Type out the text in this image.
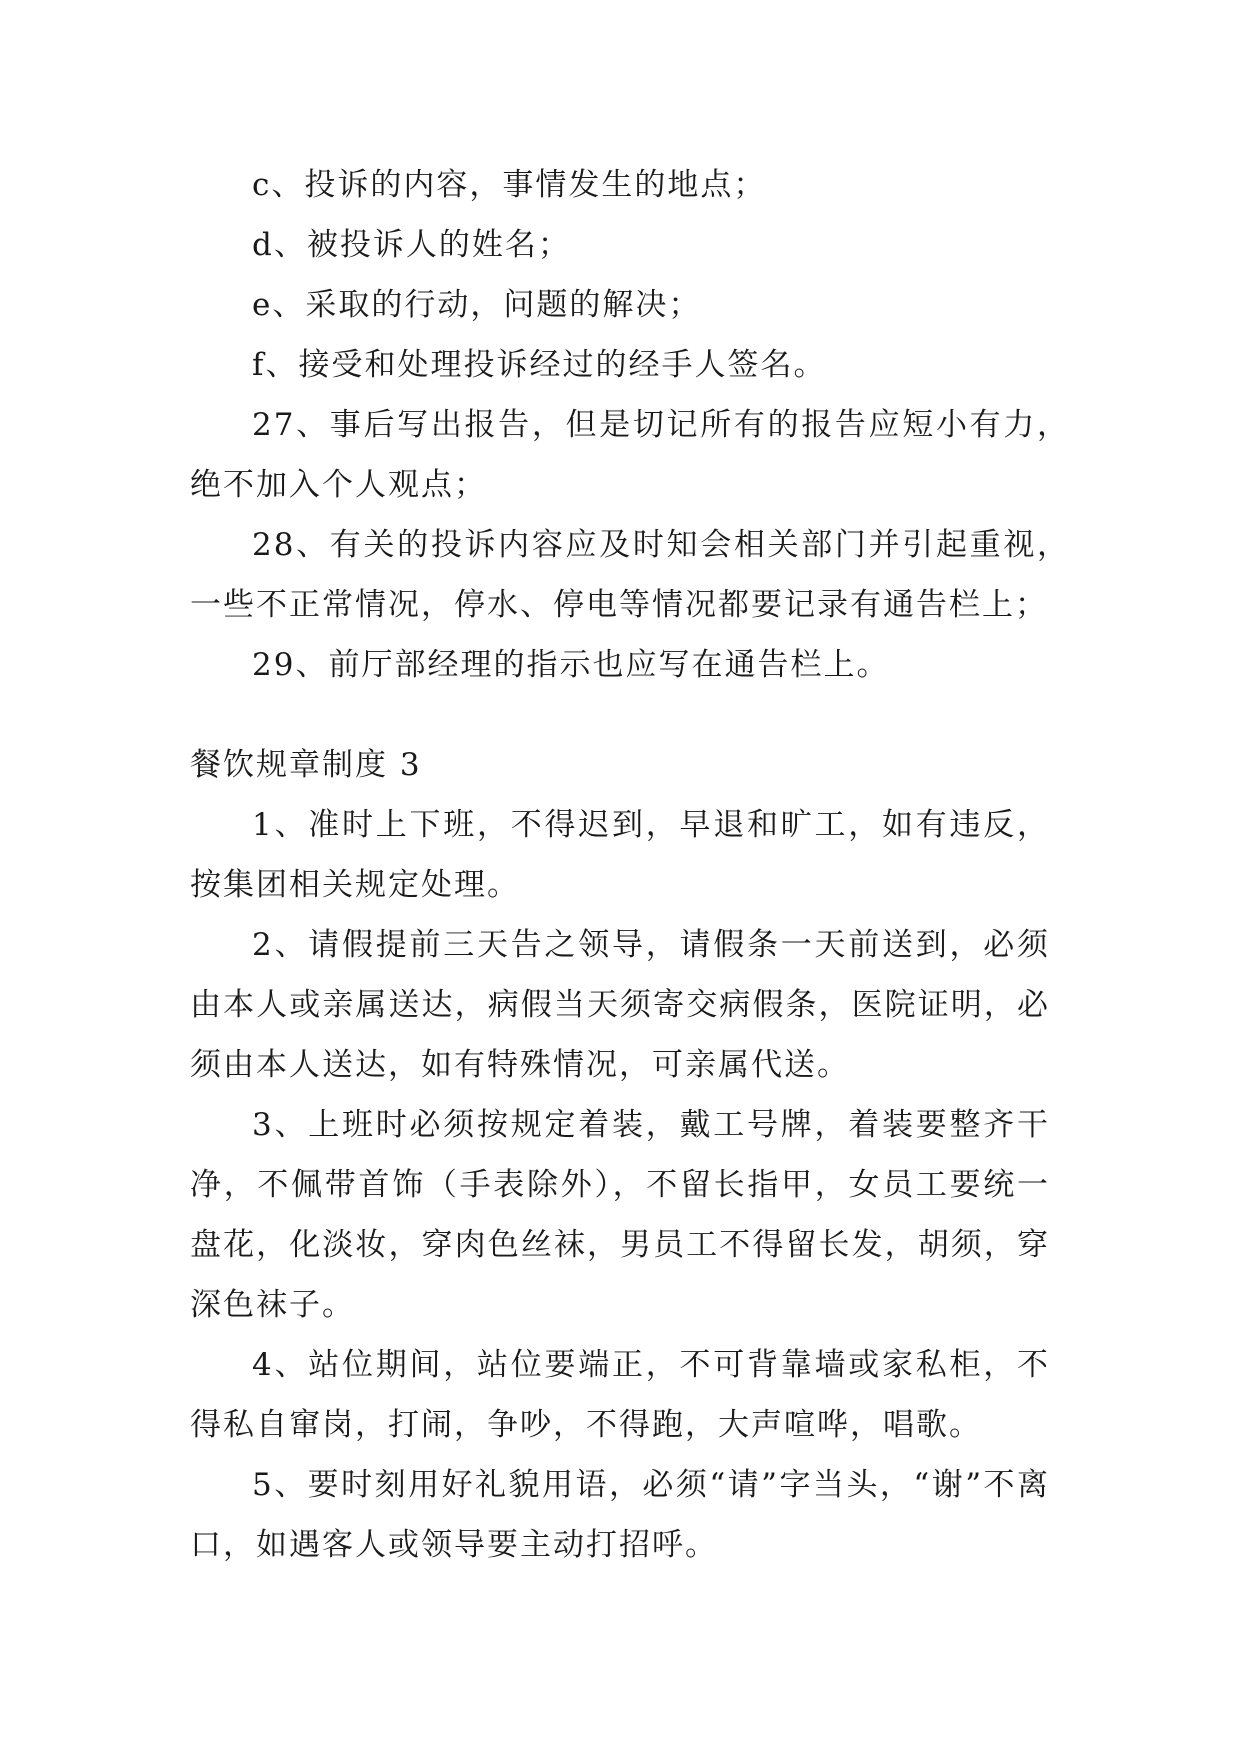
c、投诉的内容，事情发生的地点；

d、被投诉人的姓名；

e、采取的行动，问题的解决；

f、接受和处理投诉经过的经手人签名。

27、事后写出报告，但是切记所有的报告应短小有力，绝不加入个人观点；

28、有关的投诉内容应及时知会相关部门并引起重视，一些不正常情况，停水、停电等情况都要记录有通告栏上；

29、前厅部经理的指示也应写在通告栏上。

餐饮规章制度 3

1、准时上下班，不得迟到，早退和旷工，如有违反，按集团相关规定处理。

2、请假提前三天告之领导，请假条一天前送到，必须由本人或亲属送达，病假当天须寄交病假条，医院证明，必须由本人送达，如有特殊情况，可亲属代送。

3、上班时必须按规定着装，戴工号牌，着装要整齐干净，不佩带首饰（手表除外），不留长指甲，女员工要统一盘花，化淡妆，穿肉色丝袜，男员工不得留长发，胡须，穿深色袜子。

4、站位期间，站位要端正，不可背靠墙或家私柜，不得私自窜岗，打闹，争吵，不得跑，大声喧哗，唱歌。

5、要时刻用好礼貌用语，必须“请”字当头，“谢”不离口，如遇客人或领导要主动打招呼。
